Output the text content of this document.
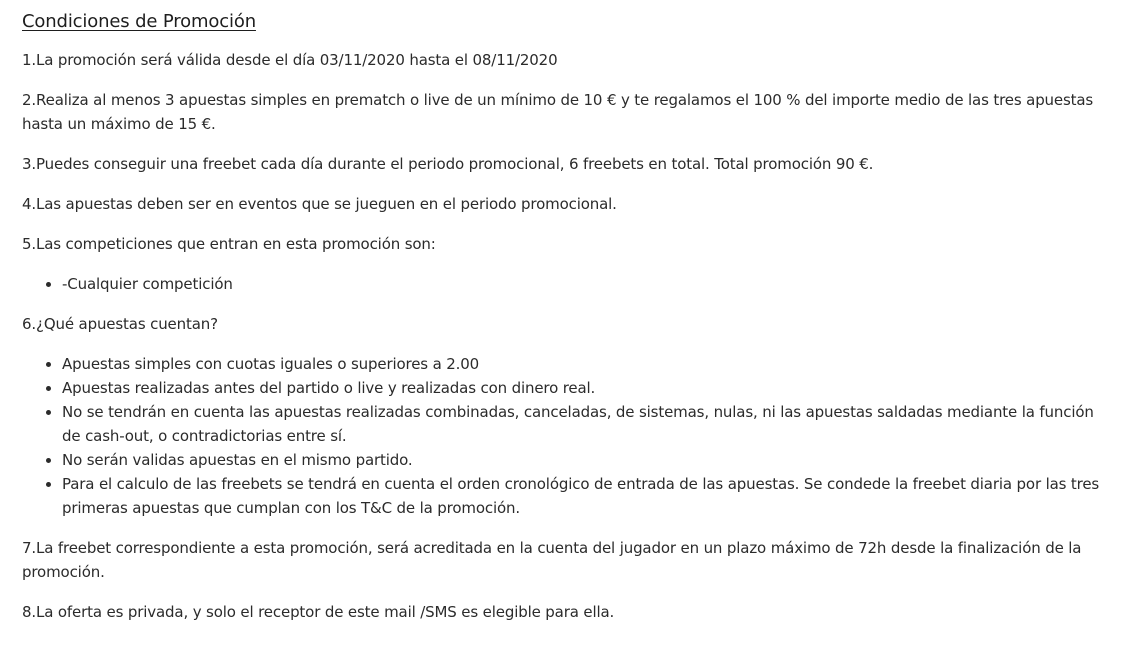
Condiciones de Promoción

1.La promoción será válida desde el día 03/11/2020 hasta el 08/11/2020

2.Realiza al menos 3 apuestas simples en prematch o live de un mínimo de 10 € y te regalamos el 100 % del importe medio de las tres apuestas hasta un máximo de 15 €.

3.Puedes conseguir una freebet cada día durante el periodo promocional, 6 freebets en total. Total promoción 90 €.

4.Las apuestas deben ser en eventos que se jueguen en el periodo promocional.

5.Las competiciones que entran en esta promoción son:

• -Cualquier competición

6.¿Qué apuestas cuentan?

• Apuestas simples con cuotas iguales o superiores a 2.00
• Apuestas realizadas antes del partido o live y realizadas con dinero real.
• No se tendrán en cuenta las apuestas realizadas combinadas, canceladas, de sistemas, nulas, ni las apuestas saldadas mediante la función de cash-out, o contradictorias entre sí.
• No serán validas apuestas en el mismo partido.
• Para el calculo de las freebets se tendrá en cuenta el orden cronológico de entrada de las apuestas. Se condede la freebet diaria por las tres primeras apuestas que cumplan con los T&C de la promoción.

7.La freebet correspondiente a esta promoción, será acreditada en la cuenta del jugador en un plazo máximo de 72h desde la finalización de la promoción.

8.La oferta es privada, y solo el receptor de este mail /SMS es elegible para ella.
